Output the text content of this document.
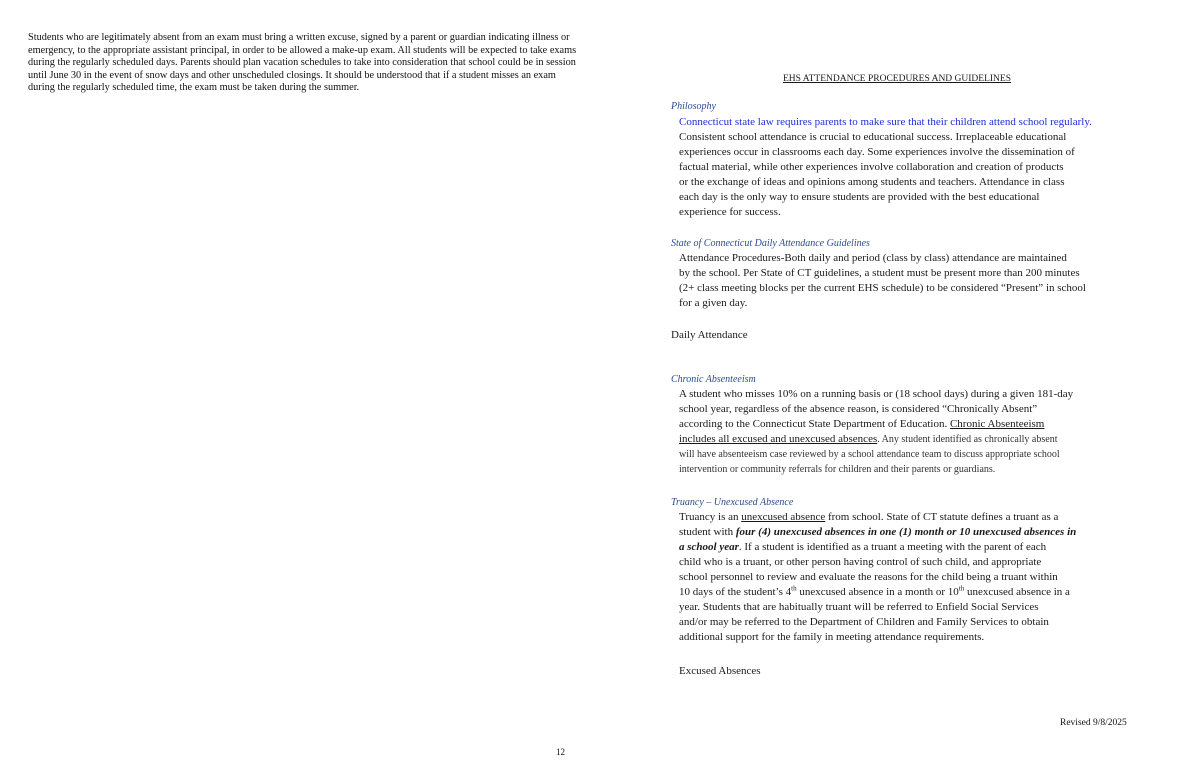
Students who are legitimately absent from an exam must bring a written excuse, signed by a parent or guardian indicating illness or
emergency, to the appropriate assistant principal, in order to be allowed a make-up exam. All students will be expected to take exams
during the regularly scheduled days. Parents should plan vacation schedules to take into consideration that school could be in session
until June 30 in the event of snow days and other unscheduled closings. It should be understood that if a student misses an exam
during the regularly scheduled time, the exam must be taken during the summer.
12
EHS ATTENDANCE PROCEDURES AND GUIDELINES
Philosophy
Connecticut state law requires parents to make sure that their children attend school regularly.
Consistent school attendance is crucial to educational success. Irreplaceable educational
experiences occur in classrooms each day. Some experiences involve the dissemination of
factual material, while other experiences involve collaboration and creation of products
or the exchange of ideas and opinions among students and teachers. Attendance in class
each day is the only way to ensure students are provided with the best educational
experience for success.
State of Connecticut Daily Attendance Guidelines
Attendance Procedures-Both daily and period (class by class) attendance are maintained
by the school. Per State of CT guidelines, a student must be present more than 200 minutes
(2+ class meeting blocks per the current EHS schedule) to be considered “Present” in school
for a given day.
Daily Attendance
Chronic Absenteeism
A student who misses 10% on a running basis or (18 school days) during a given 181-day
school year, regardless of the absence reason, is considered “Chronically Absent”
according to the Connecticut State Department of Education. Chronic Absenteeism
includes all excused and unexcused absences. Any student identified as chronically absent
will have absenteeism case reviewed by a school attendance team to discuss appropriate school
intervention or community referrals for children and their parents or guardians.
Truancy – Unexcused Absence
Truancy is an unexcused absence from school. State of CT statute defines a truant as a
student with four (4) unexcused absences in one (1) month or 10 unexcused absences in
a school year. If a student is identified as a truant a meeting with the parent of each
child who is a truant, or other person having control of such child, and appropriate
school personnel to review and evaluate the reasons for the child being a truant within
10 days of the student’s 4th unexcused absence in a month or 10th unexcused absence in a
year. Students that are habitually truant will be referred to Enfield Social Services
and/or may be referred to the Department of Children and Family Services to obtain
additional support for the family in meeting attendance requirements.
Excused Absences
Revised 9/8/2025
